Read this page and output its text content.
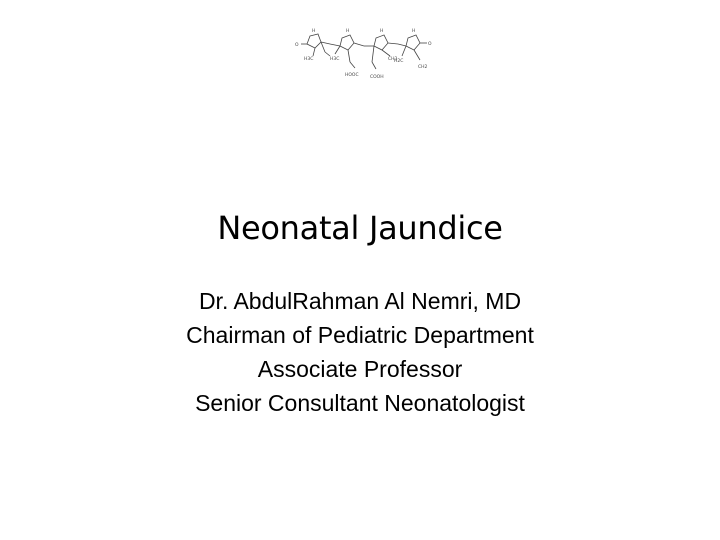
O
H
H3C
H
H3C
HOOC
H
COOH
CH3
H
O
H2C
CH2
Neonatal Jaundice
Dr. AbdulRahman Al Nemri, MD
Chairman of Pediatric Department
Associate Professor
Senior Consultant Neonatologist
